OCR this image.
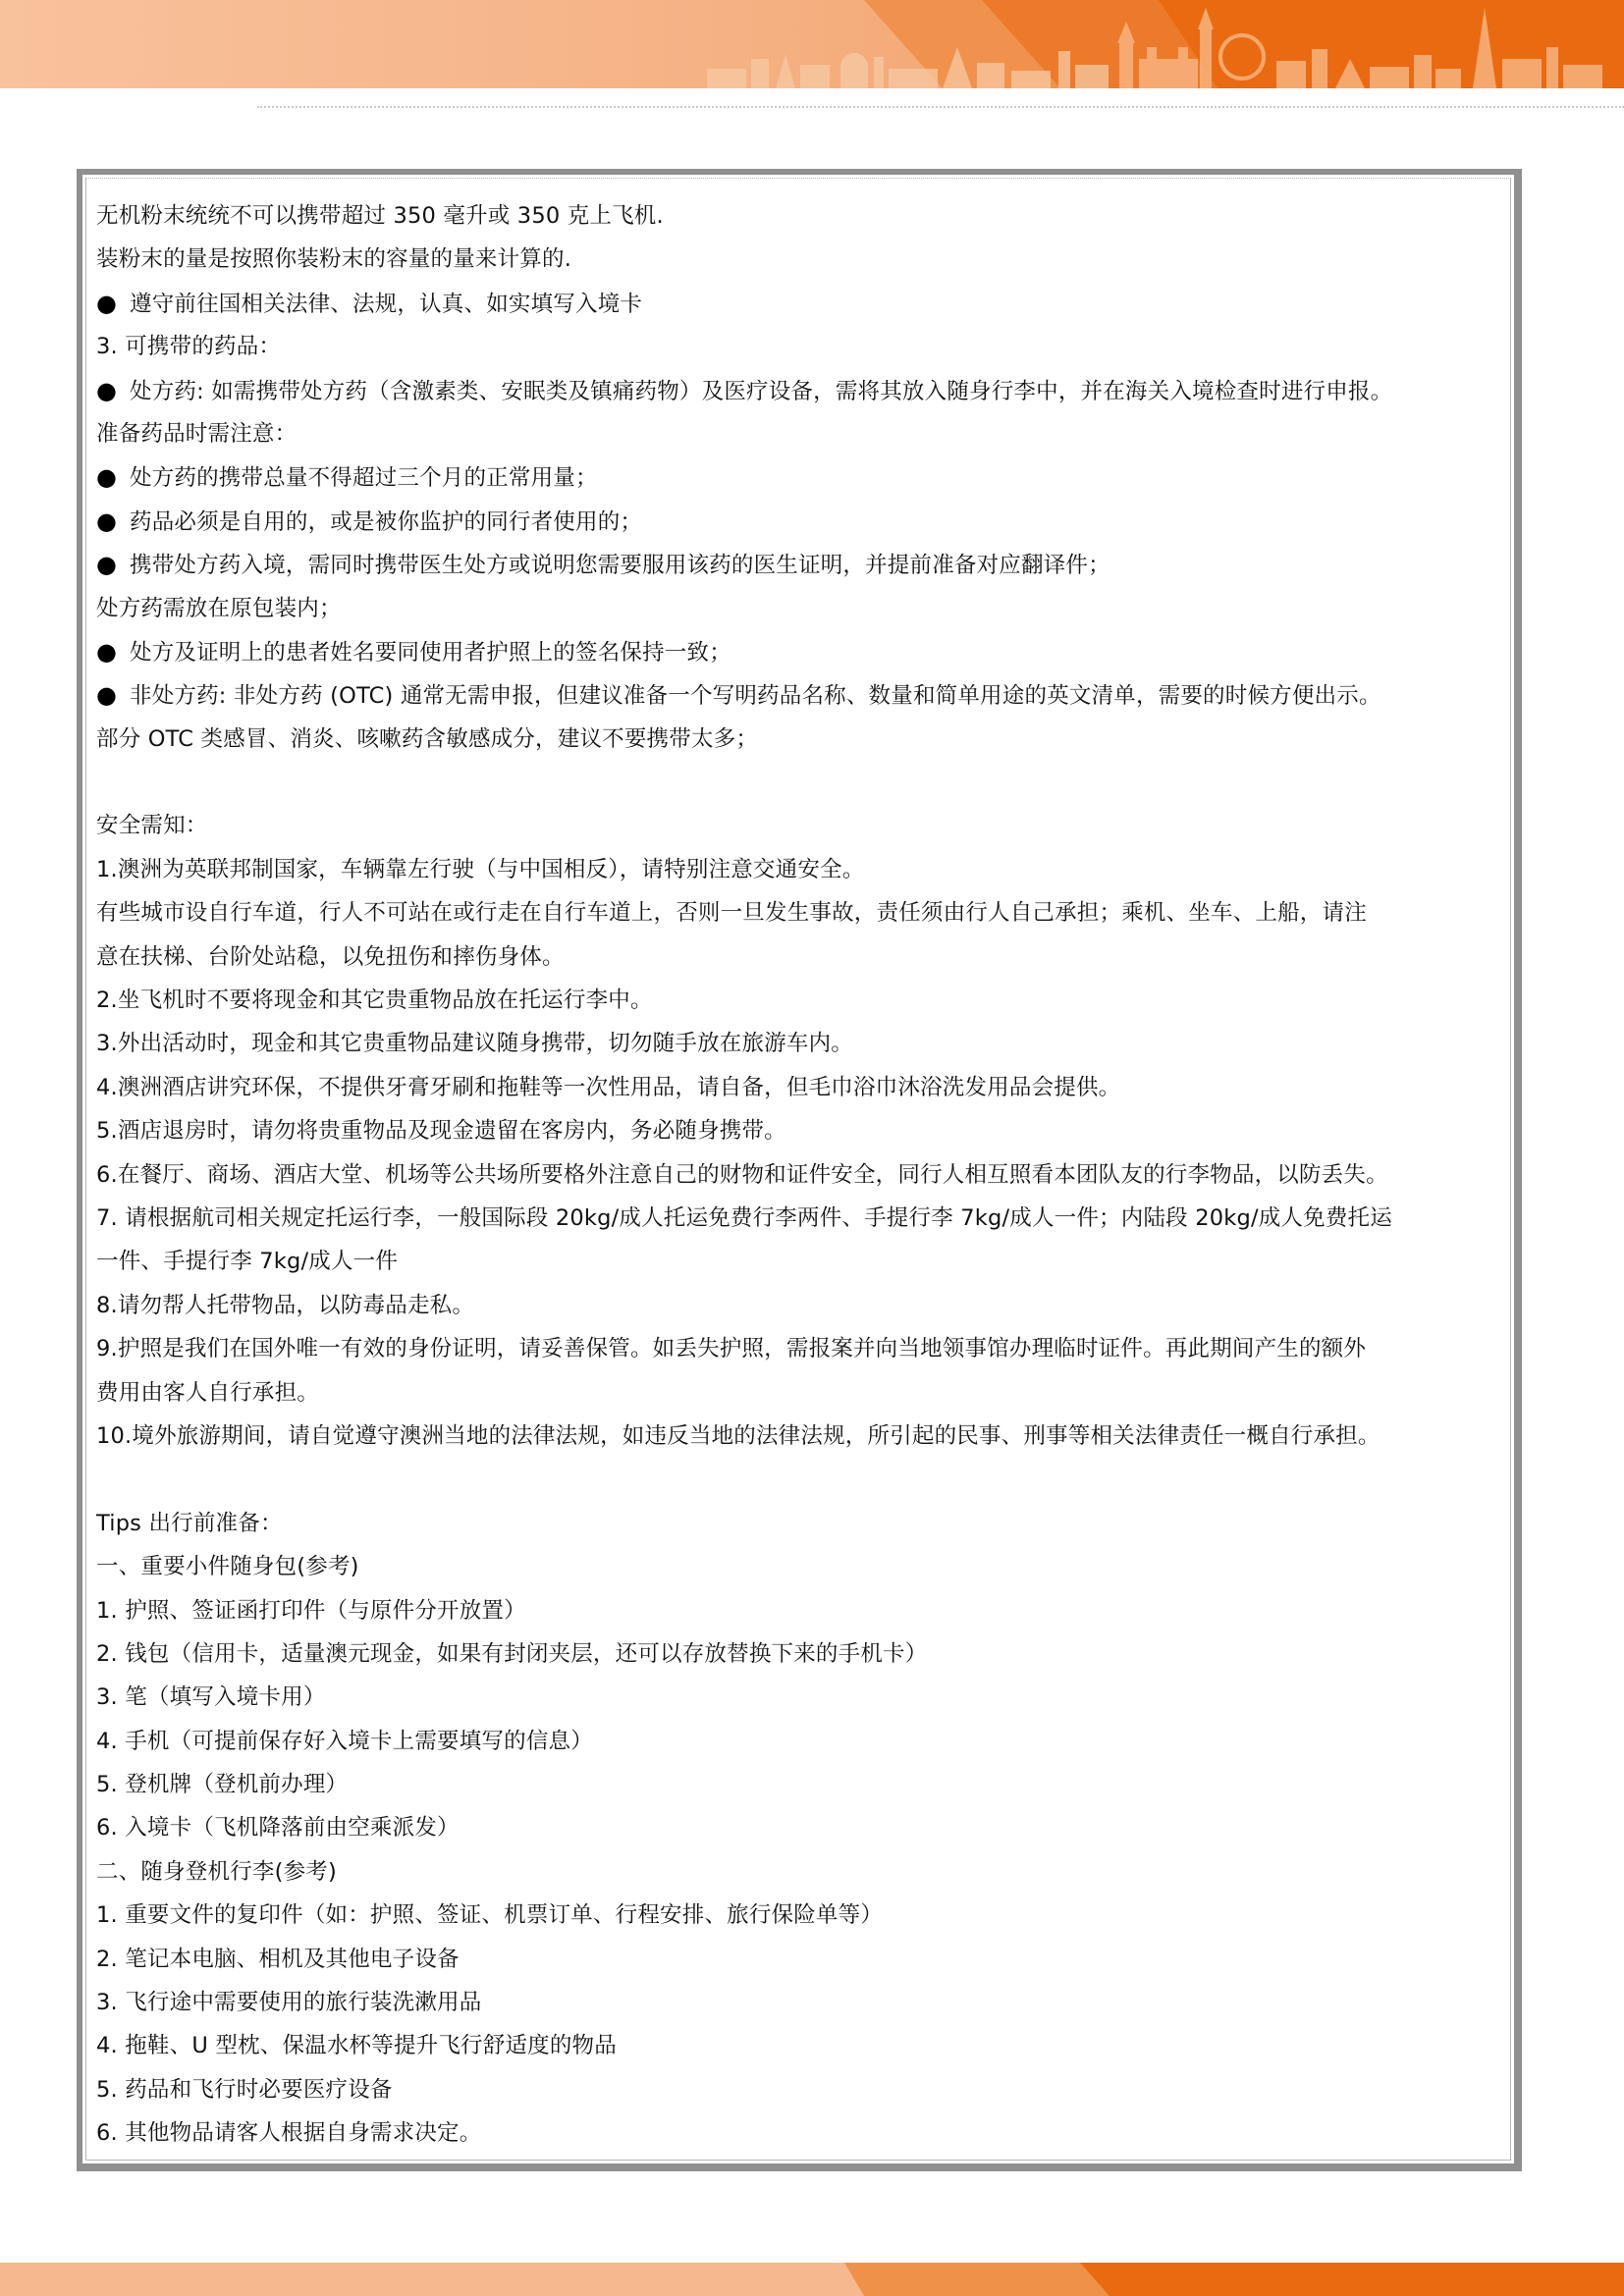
无机粉末统统不可以携带超过 350 毫升或 350 克上飞机.
装粉末的量是按照你装粉末的容量的量来计算的.
● 遵守前往国相关法律、法规，认真、如实填写入境卡
3. 可携带的药品：
● 处方药: 如需携带处方药（含激素类、安眠类及镇痛药物）及医疗设备，需将其放入随身行李中，并在海关入境检查时进行申报。
准备药品时需注意：
● 处方药的携带总量不得超过三个月的正常用量；
● 药品必须是自用的，或是被你监护的同行者使用的；
● 携带处方药入境，需同时携带医生处方或说明您需要服用该药的医生证明，并提前准备对应翻译件；
处方药需放在原包装内；
● 处方及证明上的患者姓名要同使用者护照上的签名保持一致；
● 非处方药: 非处方药 (OTC) 通常无需申报，但建议准备一个写明药品名称、数量和简单用途的英文清单，需要的时候方便出示。
部分 OTC 类感冒、消炎、咳嗽药含敏感成分，建议不要携带太多；
安全需知：
1.澳洲为英联邦制国家，车辆靠左行驶（与中国相反），请特别注意交通安全。
有些城市设自行车道，行人不可站在或行走在自行车道上，否则一旦发生事故，责任须由行人自己承担；乘机、坐车、上船，请注
意在扶梯、台阶处站稳，以免扭伤和摔伤身体。
2.坐飞机时不要将现金和其它贵重物品放在托运行李中。
3.外出活动时，现金和其它贵重物品建议随身携带，切勿随手放在旅游车内。
4.澳洲酒店讲究环保，不提供牙膏牙刷和拖鞋等一次性用品，请自备，但毛巾浴巾沐浴洗发用品会提供。
5.酒店退房时，请勿将贵重物品及现金遗留在客房内，务必随身携带。
6.在餐厅、商场、酒店大堂、机场等公共场所要格外注意自己的财物和证件安全，同行人相互照看本团队友的行李物品，以防丢失。
7. 请根据航司相关规定托运行李，一般国际段 20kg/成人托运免费行李两件、手提行李 7kg/成人一件；内陆段 20kg/成人免费托运
一件、手提行李 7kg/成人一件
8.请勿帮人托带物品，以防毒品走私。
9.护照是我们在国外唯一有效的身份证明，请妥善保管。如丢失护照，需报案并向当地领事馆办理临时证件。再此期间产生的额外
费用由客人自行承担。
10.境外旅游期间，请自觉遵守澳洲当地的法律法规，如违反当地的法律法规，所引起的民事、刑事等相关法律责任一概自行承担。
Tips 出行前准备：
一、重要小件随身包(参考)
1. 护照、签证函打印件（与原件分开放置）
2. 钱包（信用卡，适量澳元现金，如果有封闭夹层，还可以存放替换下来的手机卡）
3. 笔（填写入境卡用）
4. 手机（可提前保存好入境卡上需要填写的信息）
5. 登机牌（登机前办理）
6. 入境卡（飞机降落前由空乘派发）
二、随身登机行李(参考)
1. 重要文件的复印件（如：护照、签证、机票订单、行程安排、旅行保险单等）
2. 笔记本电脑、相机及其他电子设备
3. 飞行途中需要使用的旅行装洗漱用品
4. 拖鞋、U 型枕、保温水杯等提升飞行舒适度的物品
5. 药品和飞行时必要医疗设备
6. 其他物品请客人根据自身需求决定。
